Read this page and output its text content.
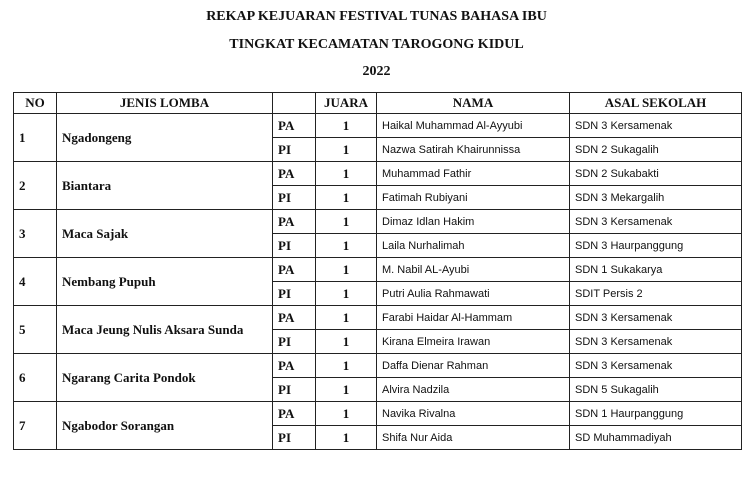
REKAP KEJUARAN FESTIVAL TUNAS BAHASA IBU
TINGKAT KECAMATAN TAROGONG KIDUL
2022
NO	JENIS LOMBA		JUARA	NAMA	ASAL SEKOLAH
1	Ngadongeng	PA	1	Haikal Muhammad Al-Ayyubi	SDN 3 Kersamenak
		PI	1	Nazwa Satirah Khairunnissa	SDN 2 Sukagalih
2	Biantara	PA	1	Muhammad Fathir	SDN 2 Sukabakti
		PI	1	Fatimah Rubiyani	SDN 3 Mekargalih
3	Maca Sajak	PA	1	Dimaz Idlan Hakim	SDN 3 Kersamenak
		PI	1	Laila Nurhalimah	SDN 3 Haurpanggung
4	Nembang Pupuh	PA	1	M. Nabil AL-Ayubi	SDN 1 Sukakarya
		PI	1	Putri Aulia Rahmawati	SDIT Persis 2
5	Maca Jeung Nulis Aksara Sunda	PA	1	Farabi Haidar Al-Hammam	SDN 3 Kersamenak
		PI	1	Kirana Elmeira Irawan	SDN 3 Kersamenak
6	Ngarang Carita Pondok	PA	1	Daffa Dienar Rahman	SDN 3 Kersamenak
		PI	1	Alvira Nadzila	SDN 5 Sukagalih
7	Ngabodor Sorangan	PA	1	Navika Rivalna	SDN 1 Haurpanggung
		PI	1	Shifa Nur Aida	SD Muhammadiyah
